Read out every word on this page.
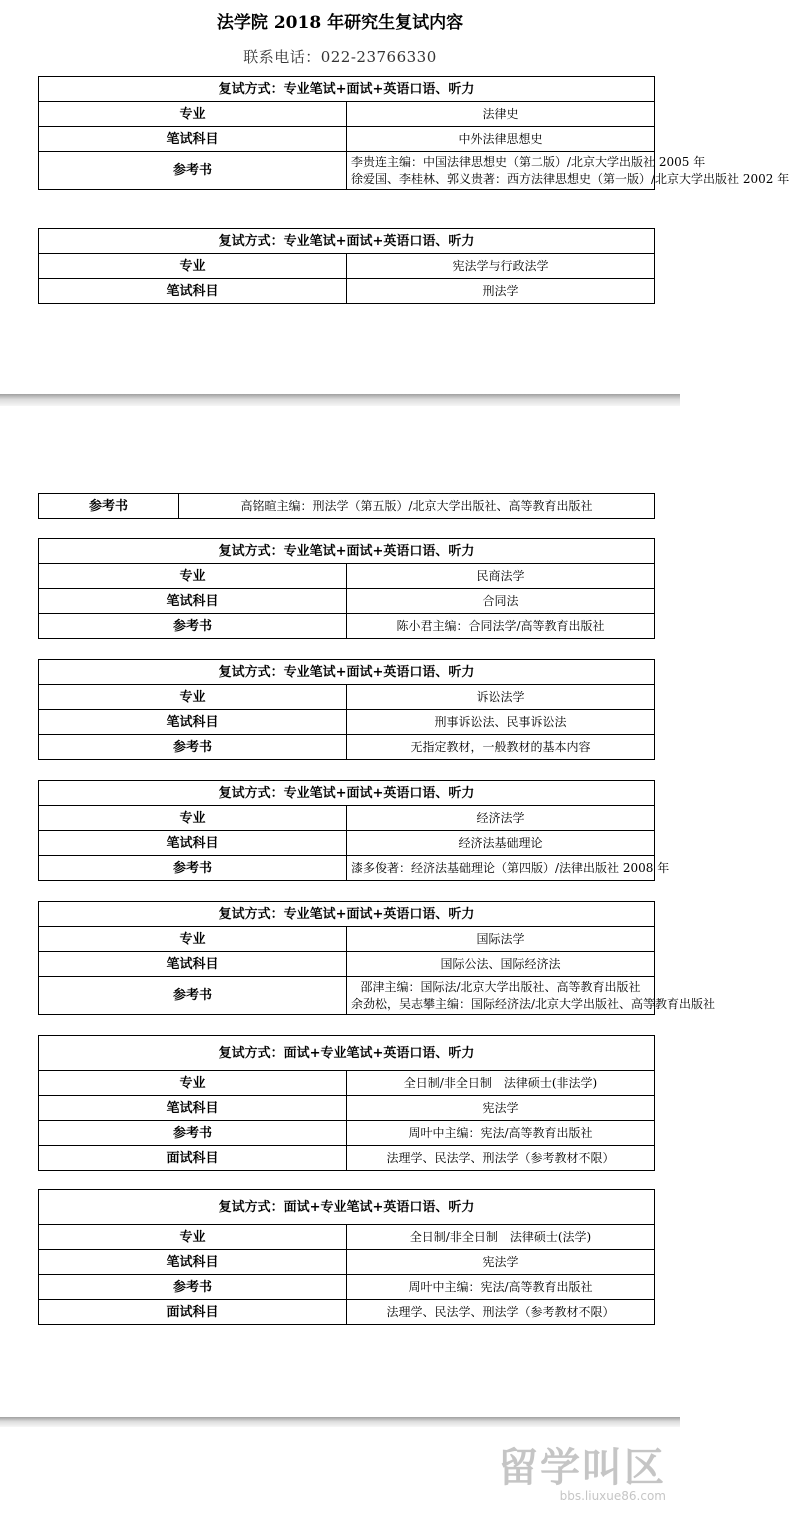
法学院 2018 年研究生复试内容
联系电话：022-23766330
复试方式：专业笔试+面试+英语口语、听力	
专业	法律史
笔试科目	中外法律思想史
参考书	李贵连主编：中国法律思想史（第二版）/北京大学出版社 2005 年
徐爱国、李桂林、郭义贵著：西方法律思想史（第一版）/北京大学出版社 2002 年
复试方式：专业笔试+面试+英语口语、听力	
专业	宪法学与行政法学
笔试科目	刑法学
参考书	高铭暄主编：刑法学（第五版）/北京大学出版社、高等教育出版社
复试方式：专业笔试+面试+英语口语、听力	
专业	民商法学
笔试科目	合同法
参考书	陈小君主编：合同法学/高等教育出版社
复试方式：专业笔试+面试+英语口语、听力	
专业	诉讼法学
笔试科目	刑事诉讼法、民事诉讼法
参考书	无指定教材，一般教材的基本内容
复试方式：专业笔试+面试+英语口语、听力	
专业	经济法学
笔试科目	经济法基础理论
参考书	漆多俊著：经济法基础理论（第四版）/法律出版社 2008 年
复试方式：专业笔试+面试+英语口语、听力	
专业	国际法学
笔试科目	国际公法、国际经济法
参考书	邵津主编：国际法/北京大学出版社、高等教育出版社
余劲松，吴志攀主编：国际经济法/北京大学出版社、高等教育出版社
复试方式：面试+专业笔试+英语口语、听力	
专业	全日制/非全日制　法律硕士(非法学)
笔试科目	宪法学
参考书	周叶中主编：宪法/高等教育出版社
面试科目	法理学、民法学、刑法学（参考教材不限）
复试方式：面试+专业笔试+英语口语、听力	
专业	全日制/非全日制　法律硕士(法学)
笔试科目	宪法学
参考书	周叶中主编：宪法/高等教育出版社
面试科目	法理学、民法学、刑法学（参考教材不限）
留学叫区
bbs.liuxue86.com
